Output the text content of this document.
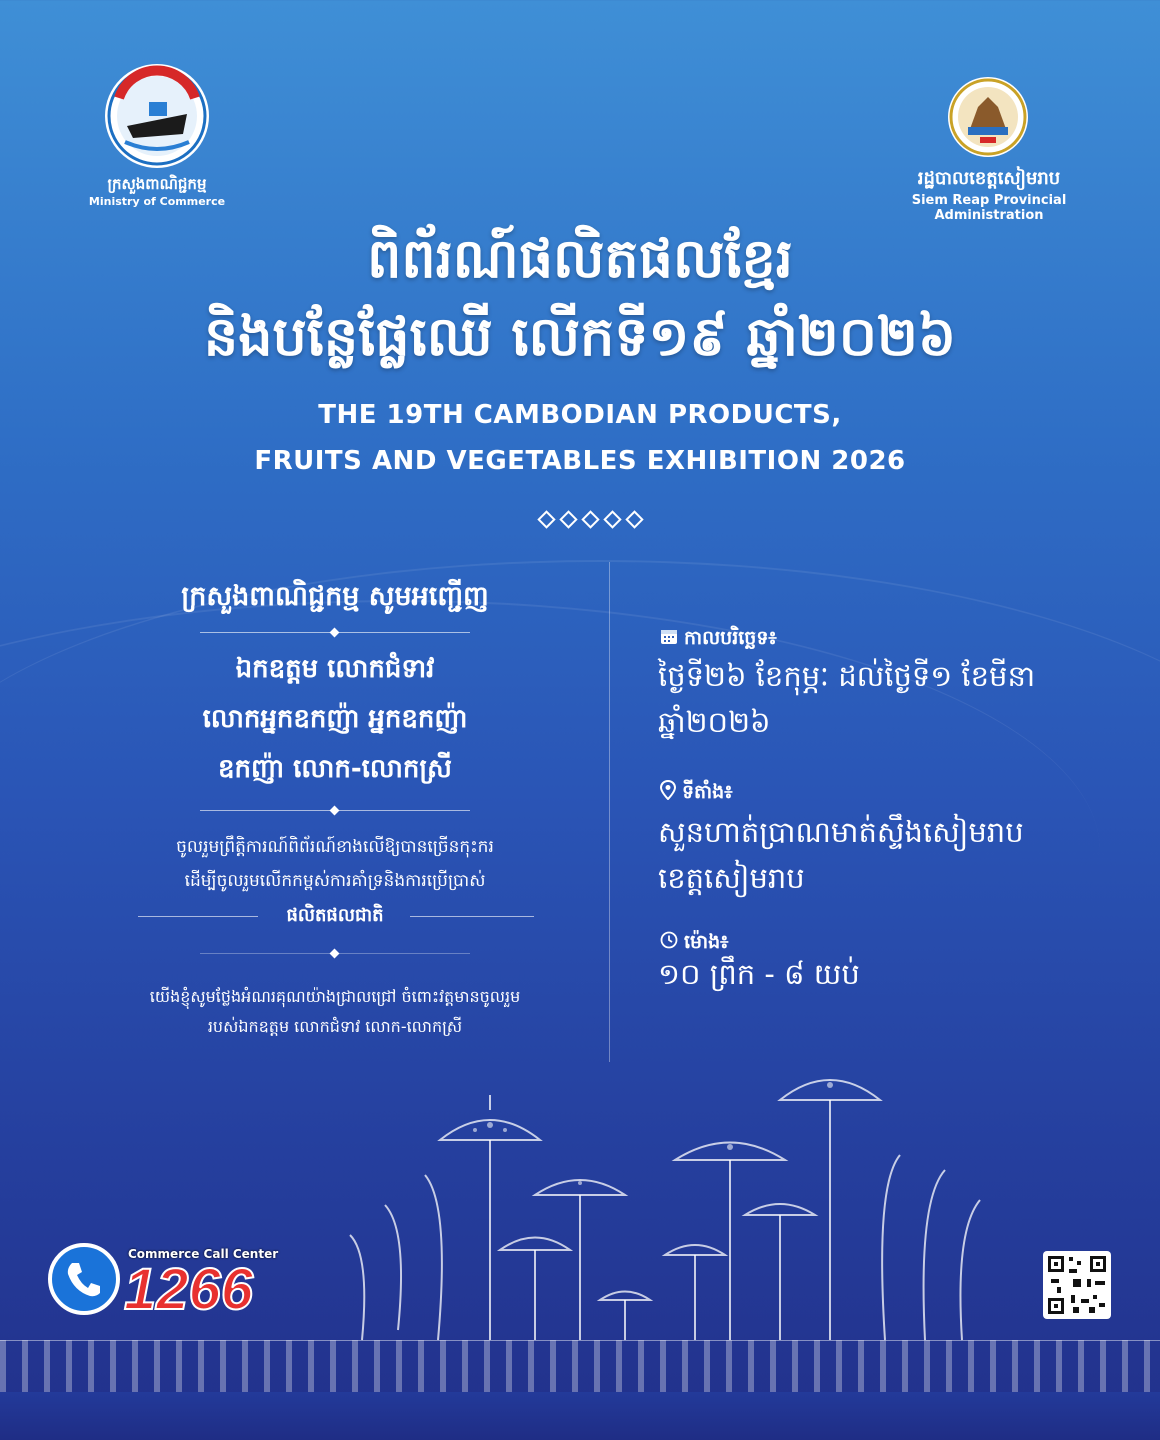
ក្រសួងពាណិជ្ជកម្ម
Ministry of Commerce
រដ្ឋបាលខេត្តសៀមរាប
Siem Reap Provincial Administration
ពិព័រណ៍ផលិតផលខ្មែរ
និងបន្លែផ្លែឈើ លើកទី១៩ ឆ្នាំ២០២៦
THE 19TH CAMBODIAN PRODUCTS,
FRUITS AND VEGETABLES EXHIBITION 2026
ក្រសួងពាណិជ្ជកម្ម សូមអញ្ជើញ
ឯកឧត្តម លោកជំទាវ
លោកអ្នកឧកញ៉ា អ្នកឧកញ៉ា
ឧកញ៉ា លោក-លោកស្រី
ចូលរួមព្រឹត្តិការណ៍ពិព័រណ៍ខាងលើឱ្យបានច្រើនកុះករ
ដើម្បីចូលរួមលើកកម្ពស់ការគាំទ្រនិងការប្រើប្រាស់
ផលិតផលជាតិ
យើងខ្ញុំសូមថ្លែងអំណរគុណយ៉ាងជ្រាលជ្រៅ ចំពោះវត្តមានចូលរួម
របស់ឯកឧត្តម លោកជំទាវ លោក-លោកស្រី
កាលបរិច្ឆេទ៖
ថ្ងៃទី២៦ ខែកុម្ភៈ ដល់ថ្ងៃទី១ ខែមីនា
ឆ្នាំ២០២៦
ទីតាំង៖
សួនហាត់ប្រាណមាត់ស្ទឹងសៀមរាប
ខេត្តសៀមរាប
ម៉ោង៖
១០ ព្រឹក - ៨ យប់
Commerce Call Center
1266
